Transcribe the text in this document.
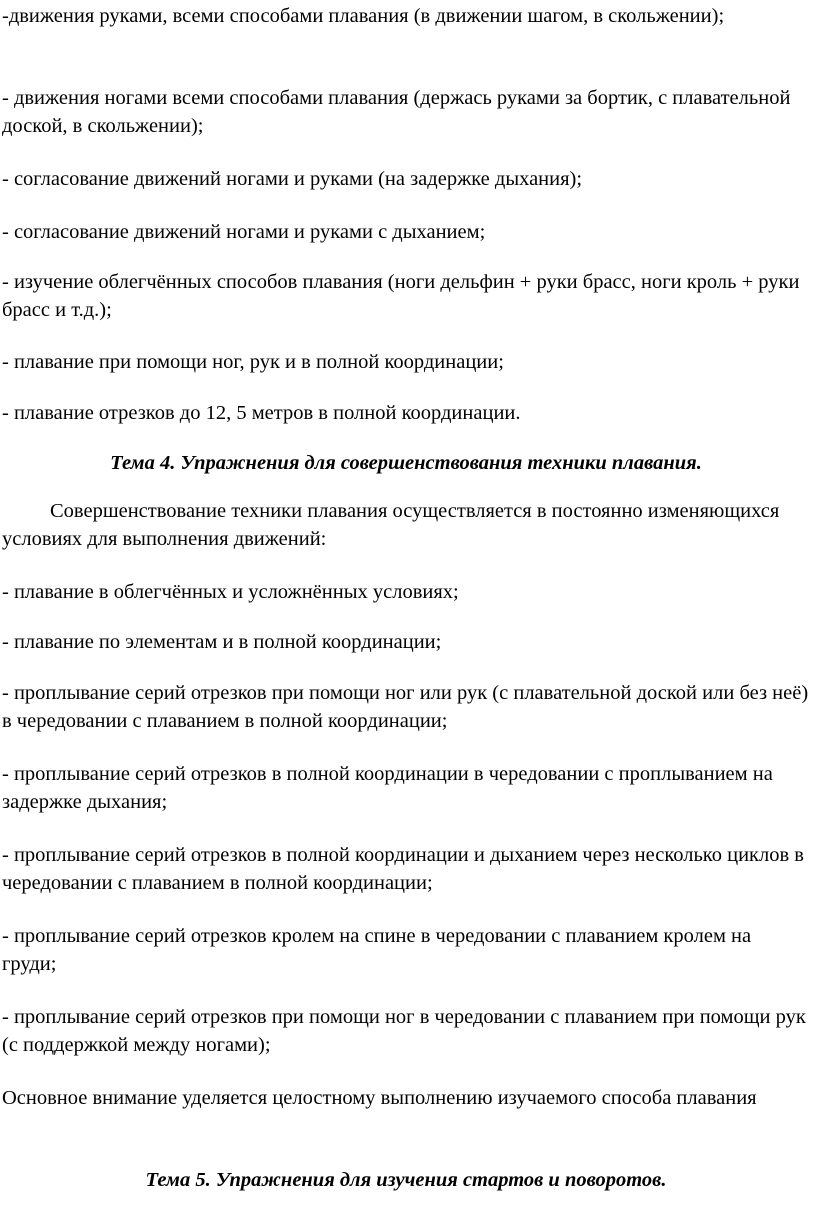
-движения руками, всеми способами плавания (в движении шагом, в скольжении);

- движения ногами всеми способами плавания (держась руками за бортик, с плавательной доской, в скольжении);

- согласование движений ногами и руками (на задержке дыхания);

- согласование движений ногами и руками с дыханием;

- изучение облегчённых способов плавания (ноги дельфин + руки брасс, ноги кроль + руки брасс и т.д.);

- плавание при помощи ног, рук и в полной координации;

- плавание отрезков до 12, 5 метров в полной координации.

Тема 4. Упражнения для совершенствования техники плавания.

Совершенствование техники плавания осуществляется в постоянно изменяющихся условиях для выполнения движений:

- плавание в облегчённых и усложнённых условиях;

- плавание по элементам и в полной координации;

- проплывание серий отрезков при помощи ног или рук (с плавательной доской или без неё) в чередовании с плаванием в полной координации;

- проплывание серий отрезков в полной координации в чередовании с проплыванием на задержке дыхания;

- проплывание серий отрезков в полной координации и дыханием через несколько циклов в чередовании с плаванием в полной координации;

- проплывание серий отрезков кролем на спине в чередовании с плаванием кролем на груди;

- проплывание серий отрезков при помощи ног в чередовании с плаванием при помощи рук (с поддержкой между ногами);

Основное внимание уделяется целостному выполнению изучаемого способа плавания

Тема 5. Упражнения для изучения стартов и поворотов.
